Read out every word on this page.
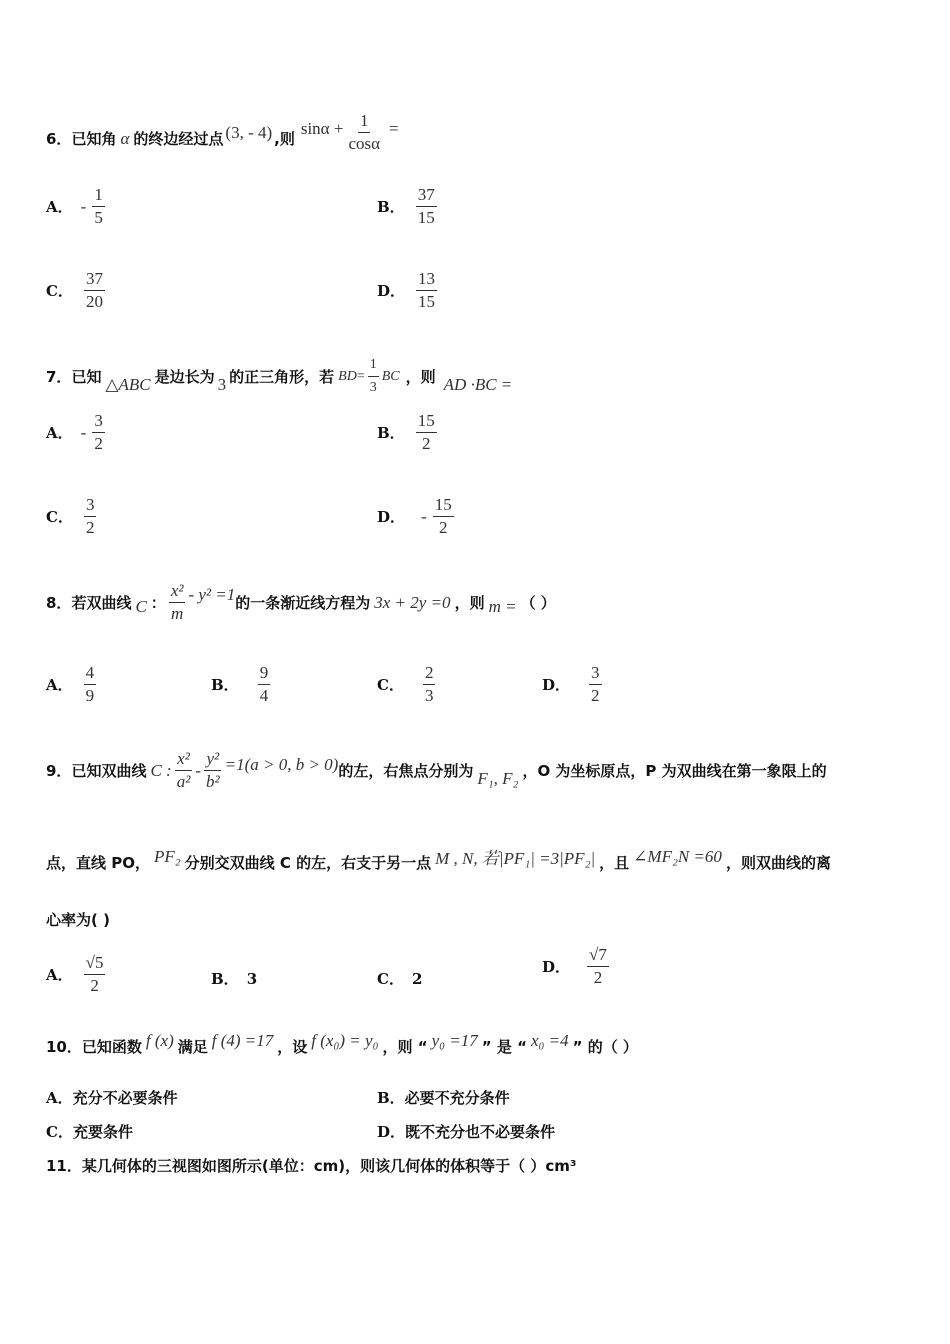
6． 已知角 α 的终边经过点 (3, - 4) ,则
$\sin\alpha + \frac{1}{\cos\alpha}$ =
A． - $\frac{1}{5}$	B． $\frac{37}{15}$
C． $\frac{37}{20}$	D． $\frac{13}{15}$
7． 已知 △ABC 是边长为 3 的正三角形，若 BD = $\frac{1}{3}$ BC ，则 AD ·BC =
A． - $\frac{3}{2}$	B． $\frac{15}{2}$
C． $\frac{3}{2}$	D． - $\frac{15}{2}$
8． 若双曲线 C ： $\frac{\text{x²}}{m} - y^2 =1$ 的一条渐近线方程为 3x + 2y =0 ，则 m = （ ）
A． $\frac{4}{9}$	B． $\frac{9}{4}$	C． $\frac{2}{3}$	D． $\frac{3}{2}$
9． 已知双曲线 C : $\frac{\text{x²}}{\text{a²}} - \frac{\text{y²}}{\text{b²}} =1(a > 0$, b > 0) 的左，右焦点分别为 F₁, F₂ ，O 为坐标原点，P 为双曲线在第一象限上的
点，直线 PO， PF₂ 分别交双曲线 C 的左，右支于另一点 M , N, 若|PF₁| =3|PF₂| ，且 ∠MF₂N =60 ，则双曲线的离
心率为( )
A． $\frac{√5}{2}$	B． 3	C． 2
D． $\frac{√7}{2}$
10． 已知函数 f (x) 满足 f (4) =17 ，设 f (x₀) = y₀ ，则 “ y₀ =17 ” 是 “ x₀ =4 ” 的（ ）
A．充分不必要条件	B．必要不充分条件
C．充要条件	D．既不充分也不必要条件
11．某几何体的三视图如图所示(单位：cm)，则该几何体的体积等于（ ）cm³
